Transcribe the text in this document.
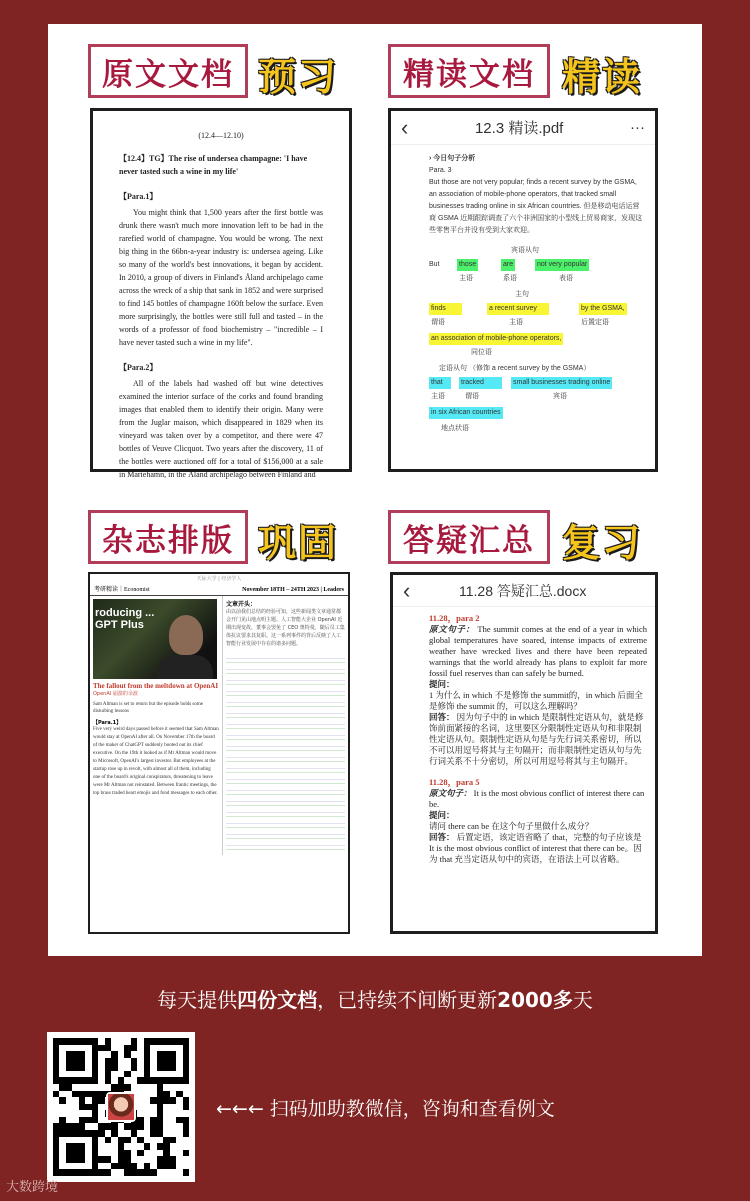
原文文档 预习
(12.4—12.10)

【12.4】TG】The rise of undersea champagne: 'I have never tasted such a wine in my life'

【Para.1】

You might think that 1,500 years after the first bottle was drunk there wasn't much more innovation left to be had in the rarefied world of champagne. You would be wrong. The next big thing in the 66bn-a-year industry is: undersea ageing. Like so many of the world's best innovations, it began by accident. In 2010, a group of divers in Finland's Åland archipelago came across the wreck of a ship that sank in 1852 and were surprised to find 145 bottles of champagne 160ft below the surface. Even more surprisingly, the bottles were still full and tasted – in the words of a professor of food biochemistry – "incredible – I have never tasted such a wine in my life".

【Para.2】

All of the labels had washed off but wine detectives examined the interior surface of the corks and found branding images that enabled them to identify their origin. Many were from the Juglar maison, which disappeared in 1829 when its vineyard was taken over by a competitor, and there were 47 bottles of Veuve Clicquot. Two years after the discovery, 11 of the bottles were auctioned off for a total of $156,000 at a sale in Mariehamn, in the Åland archipelago between Finland and

精读文档 精读
‹	12.3 精读.pdf	···
› 今日句子分析
Para. 3
But those are not very popular; finds a recent survey by the GSMA, an association of mobile-phone operators, that tracked small businesses trading online in six African countries. 但是移动电话运营商 GSMA 近期跟踪调查了六个非洲国家的小型线上贸易商家，发现这些零售平台并没有受到大家欢迎。
宾语从句
But	those	are	not very popular
主语	系语	表语
主句
finds	a recent survey	by the GSMA,
谓语	主语	后置定语
an association of mobile-phone operators,
同位语
定语从句 （修饰 a recent survey by the GSMA）
that	tracked	small businesses trading online
主语	谓语	宾语
in six African countries
地点状语
杂志排版 巩固
天际大学 | 经济学人
考研精读｜Economist	November 18TH – 24TH 2023 | Leaders
roducing ... GPT Plus
The fallout from the meltdown at OpenAI
OpenAI 崩溃的余波
Sam Altman is set to return but the episode holds some disturbing lessons
【Para.1】
Five very weird days passed before it seemed that Sam Altman would stay at OpenAI after all. On November 17th the board of the maker of ChatGPT suddenly booted out its chief executive. On the 19th it looked as if Mr Altman would move to Microsoft, OpenAI's largest investor. But employees at the startup rose up in revolt, with almost all of them, including one of the board's original conspirators, threatening to leave were Mr Altman not reinstated. Between frantic meetings, the top brass traded heart emojis and fond messages to each other.
文章开头：
由以前我们总结的经验可知，这些新闻类文章通常都会开门见山地点明主题。人工智能大企业 OpenAI 近期出现变故，董事会罢免了 CEO 奥特曼，随后员工集体抗议要求其复职。这一系列事件的背后反映了人工智能行业发展中存在的诸多问题。
答疑汇总 复习
‹	11.28 答疑汇总.docx
11.28，para 2
原文句子： The summit comes at the end of a year in which global temperatures have soared, intense impacts of extreme weather have wrecked lives and there have been repeated warnings that the world already has plans to exploit far more fossil fuel reserves than can safely be burned.
提问：
1 为什么 in which 不是修饰 the summit的，in which 后面全是修饰 the summit 的，可以这么理解吗？
回答： 因为句子中的 in which 是限制性定语从句，就是修饰前面紧接的名词，这里要区分限制性定语从句和非限制性定语从句。限制性定语从句是与先行词关系密切，所以不可以用逗号将其与主句隔开；而非限制性定语从句与先行词关系不十分密切，所以可用逗号将其与主句隔开。
11.28，para 5
原文句子： It is the most obvious conflict of interest there can be.
提问：
请问 there can be 在这个句子里做什么成分？
回答： 后置定语，该定语省略了 that，完整的句子应该是 It is the most obvious conflict of interest that there can be。因为 that 充当定语从句中的宾语，在语法上可以省略。
每天提供四份文档，已持续不间断更新2000多天
←←← 扫码加助教微信，咨询和查看例文
大数跨境
